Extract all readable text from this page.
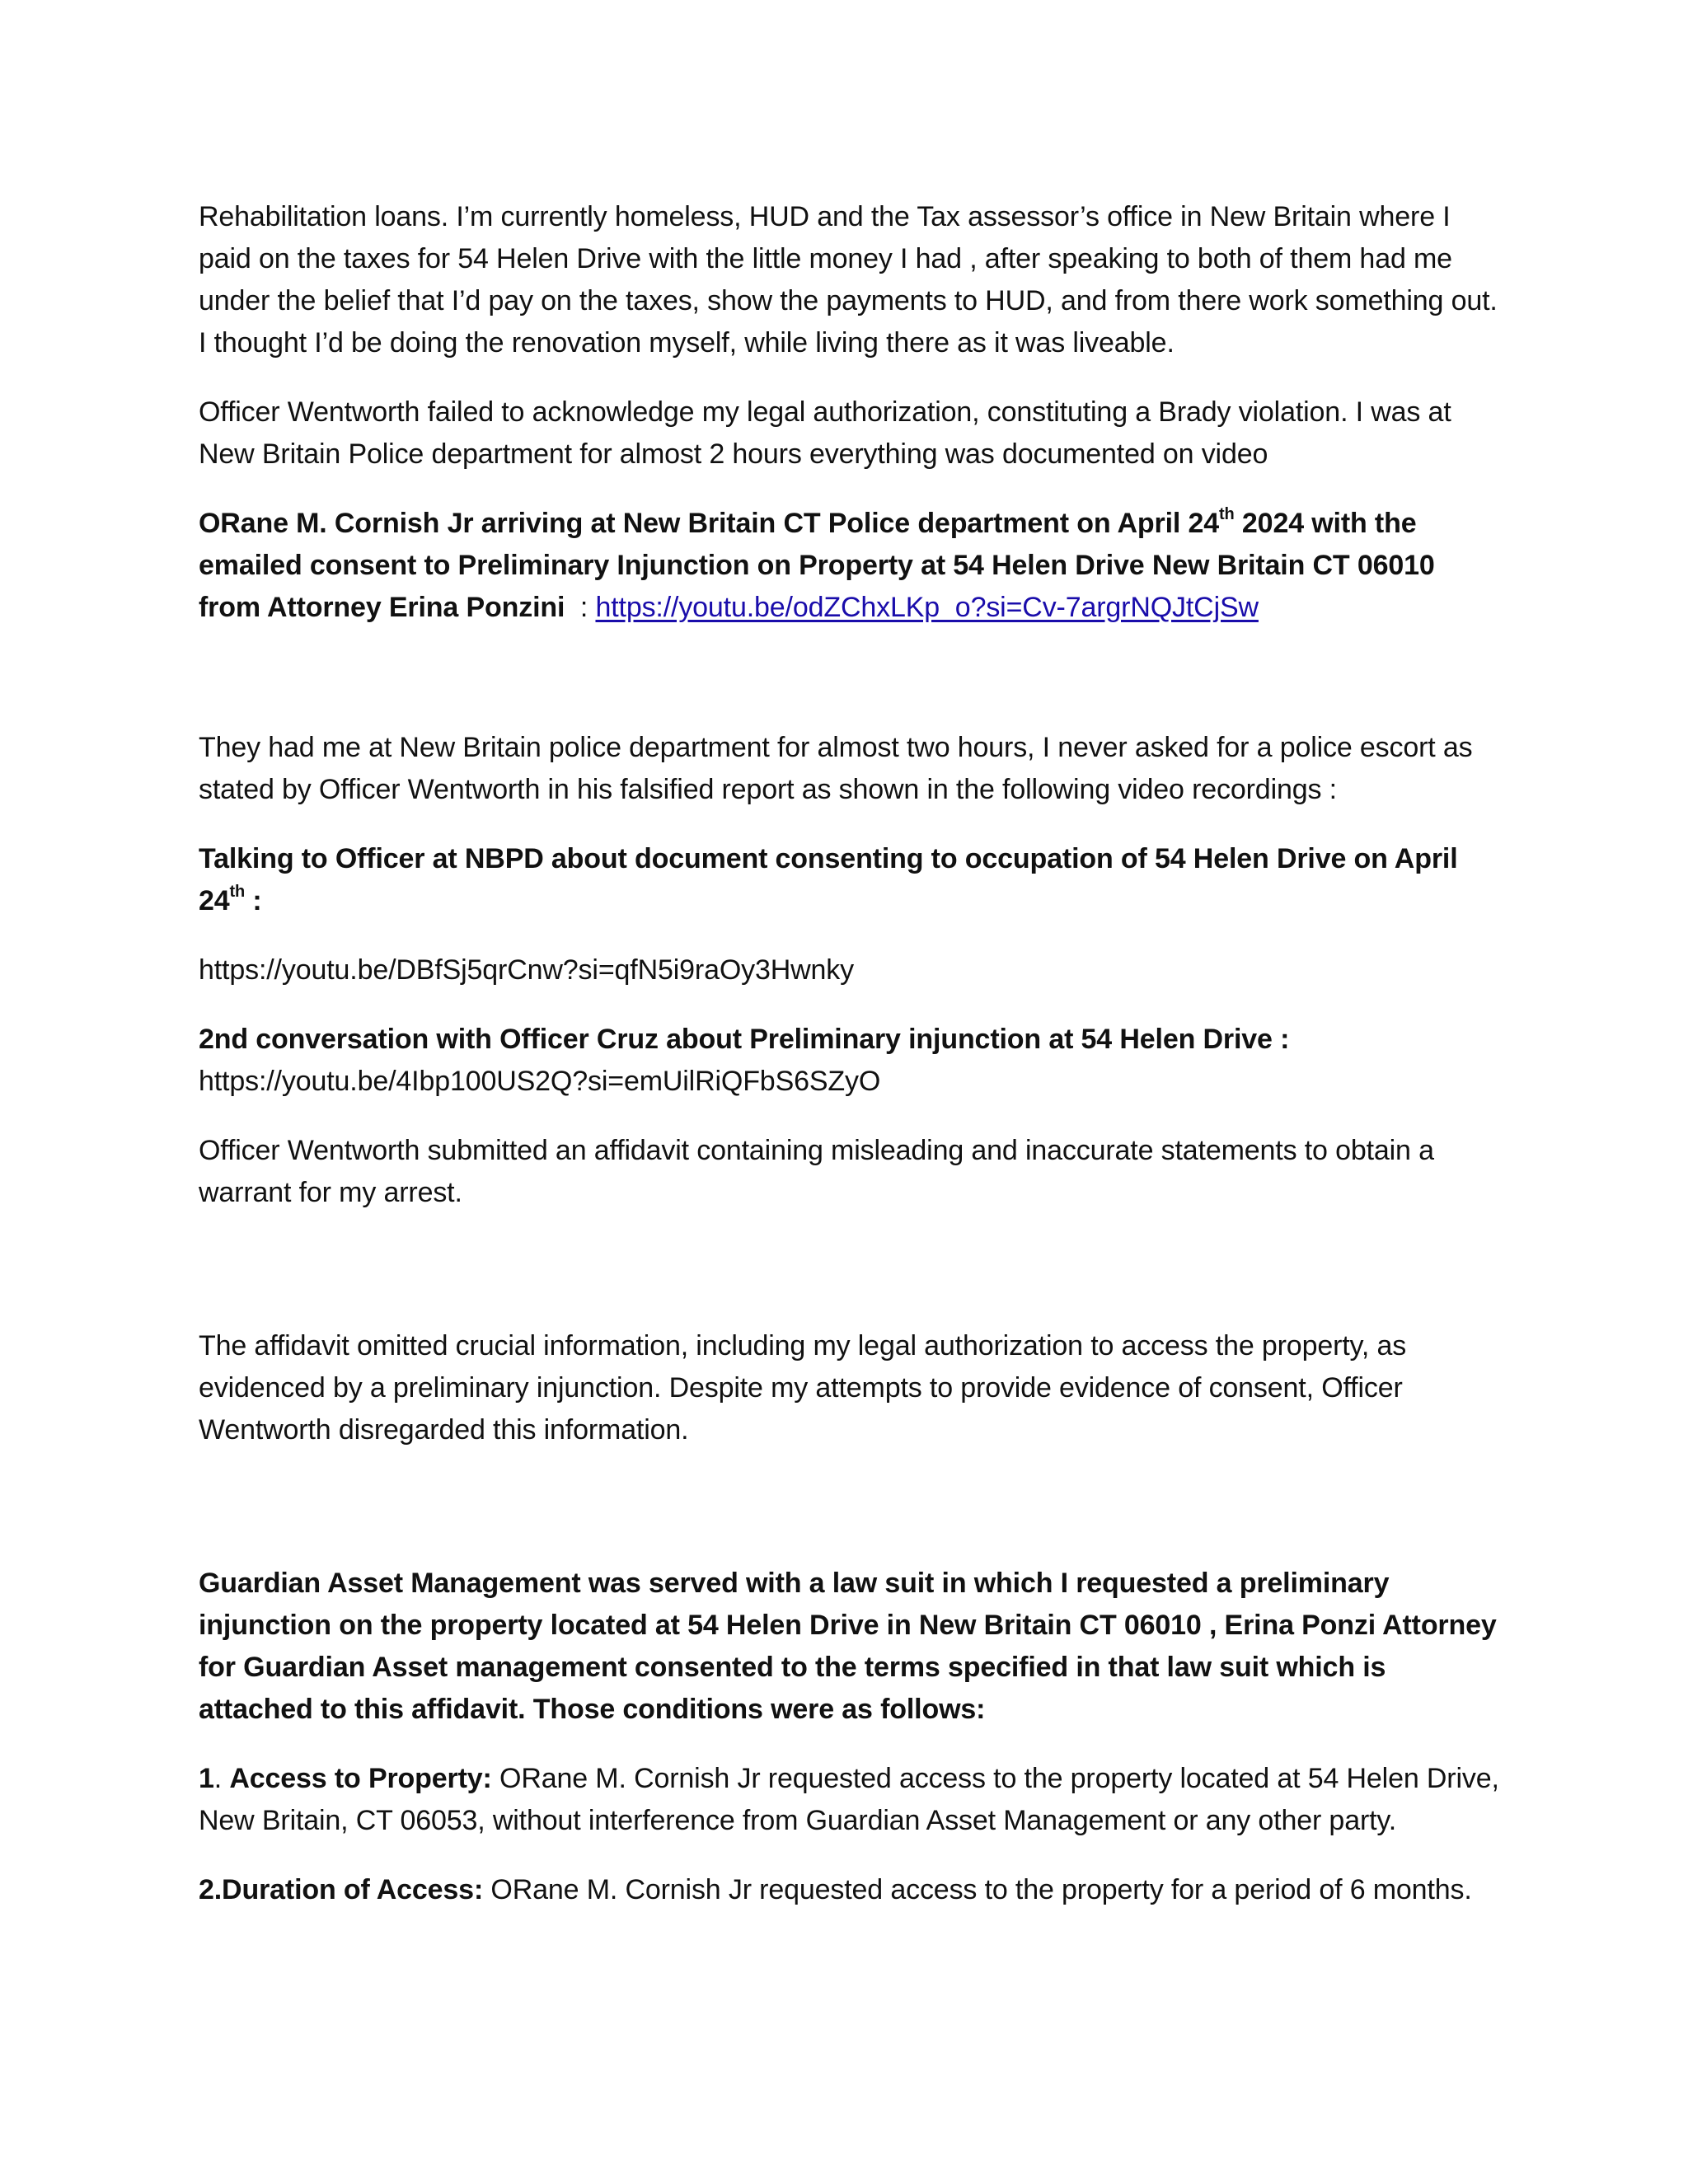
Rehabilitation loans. I’m currently homeless, HUD and the Tax assessor’s office in New Britain where I paid on the taxes for 54 Helen Drive with the little money I had , after speaking to both of them had me under the belief that I’d pay on the taxes, show the payments to HUD, and from there work something out. I thought I’d be doing the renovation myself, while living there as it was liveable.

Officer Wentworth failed to acknowledge my legal authorization, constituting a Brady violation. I was at New Britain Police department for almost 2 hours everything was documented on video

ORane M. Cornish Jr arriving at New Britain CT Police department on April 24th 2024 with the emailed consent to Preliminary Injunction on Property at 54 Helen Drive New Britain CT 06010 from Attorney Erina Ponzini  : https://youtu.be/odZChxLKp_o?si=Cv-7argrNQJtCjSw

They had me at New Britain police department for almost two hours, I never asked for a police escort as stated by Officer Wentworth in his falsified report as shown in the following video recordings :

Talking to Officer at NBPD about document consenting to occupation of 54 Helen Drive on April 24th :

https://youtu.be/DBfSj5qrCnw?si=qfN5i9raOy3Hwnky

2nd conversation with Officer Cruz about Preliminary injunction at 54 Helen Drive :
https://youtu.be/4Ibp100US2Q?si=emUilRiQFbS6SZyO

Officer Wentworth submitted an affidavit containing misleading and inaccurate statements to obtain a warrant for my arrest.

The affidavit omitted crucial information, including my legal authorization to access the property, as evidenced by a preliminary injunction. Despite my attempts to provide evidence of consent, Officer Wentworth disregarded this information.

Guardian Asset Management was served with a law suit in which I requested a preliminary injunction on the property located at 54 Helen Drive in New Britain CT 06010 , Erina Ponzi Attorney for Guardian Asset management consented to the terms specified in that law suit which is attached to this affidavit. Those conditions were as follows:

1. Access to Property: ORane M. Cornish Jr requested access to the property located at 54 Helen Drive, New Britain, CT 06053, without interference from Guardian Asset Management or any other party.

2.Duration of Access: ORane M. Cornish Jr requested access to the property for a period of 6 months.
